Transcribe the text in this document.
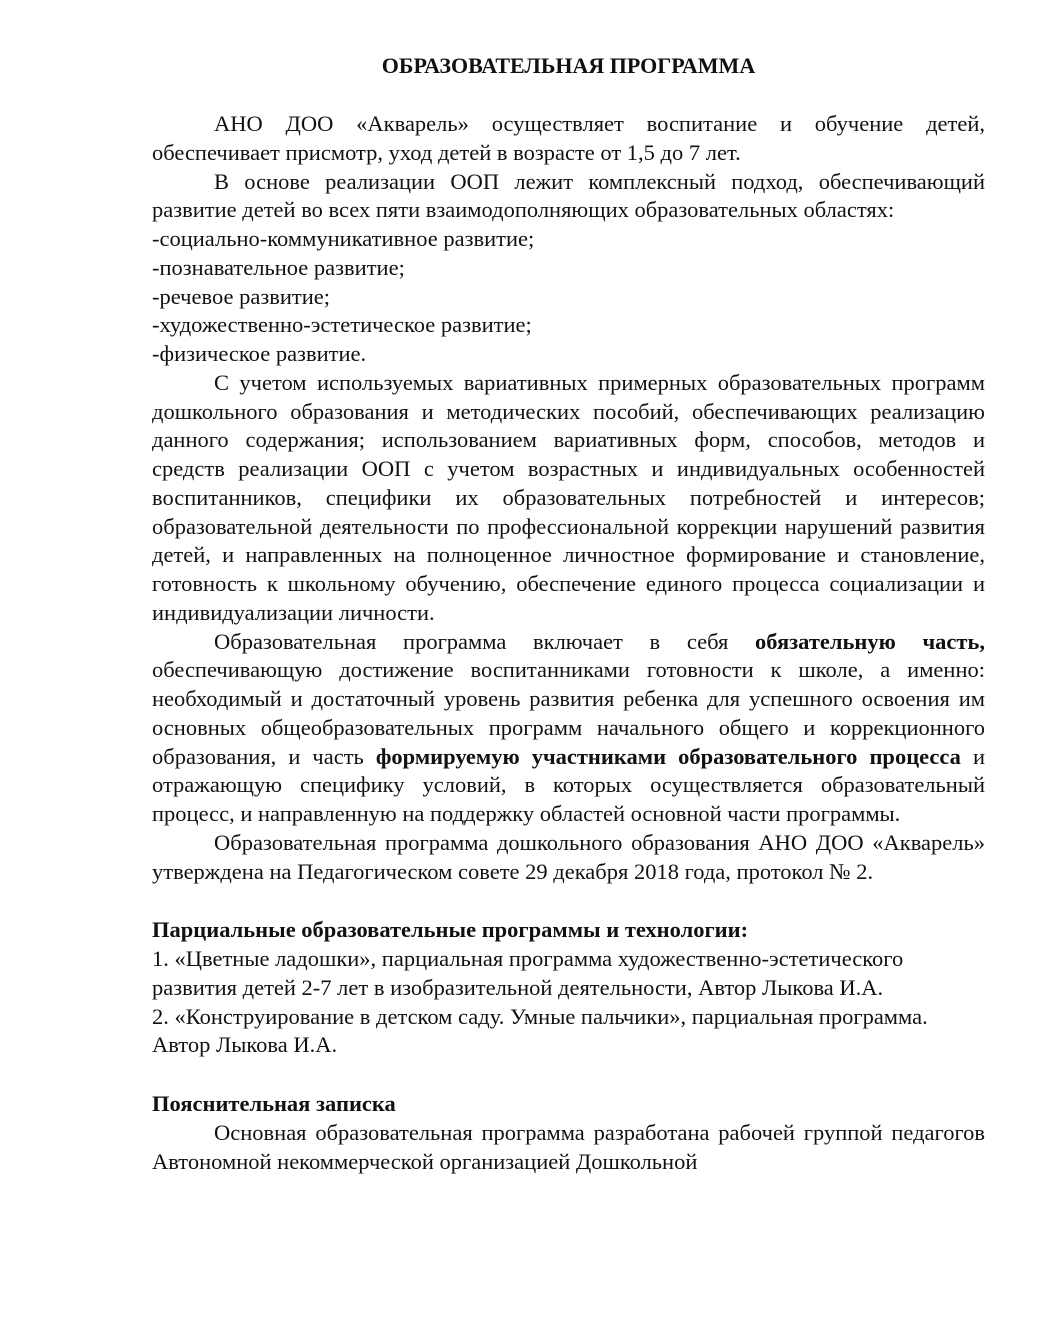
ОБРАЗОВАТЕЛЬНАЯ ПРОГРАММА

АНО ДОО «Акварель» осуществляет воспитание и обучение детей, обеспечивает присмотр, уход детей в возрасте от 1,5 до 7 лет.

В основе реализации ООП лежит комплексный подход, обеспечивающий развитие детей во всех пяти взаимодополняющих образовательных областях:

-социально-коммуникативное развитие;

-познавательное развитие;

-речевое развитие;

-художественно-эстетическое развитие;

-физическое развитие.

С учетом используемых вариативных примерных образовательных программ дошкольного образования и методических пособий, обеспечивающих реализацию данного содержания; использованием вариативных форм, способов, методов и средств реализации ООП с учетом возрастных и индивидуальных особенностей воспитанников, специфики их образовательных потребностей и интересов; образовательной деятельности по профессиональной коррекции нарушений развития детей, и направленных на полноценное личностное формирование и становление, готовность к школьному обучению, обеспечение единого процесса социализации и индивидуализации личности.

Образовательная программа включает в себя обязательную часть, обеспечивающую достижение воспитанниками готовности к школе, а именно: необходимый и достаточный уровень развития ребенка для успешного освоения им основных общеобразовательных программ начального общего и коррекционного образования, и часть формируемую участниками образовательного процесса и отражающую специфику условий, в которых осуществляется образовательный процесс, и направленную на поддержку областей основной части программы.

Образовательная программа дошкольного образования АНО ДОО «Акварель» утверждена на Педагогическом совете 29 декабря 2018 года, протокол № 2.

Парциальные образовательные программы и технологии:

1. «Цветные ладошки», парциальная программа художественно-эстетического развития детей 2-7 лет в изобразительной деятельности, Автор Лыкова И.А.

2. «Конструирование в детском саду. Умные пальчики», парциальная программа. Автор Лыкова И.А.

Пояснительная записка

Основная образовательная программа разработана рабочей группой педагогов Автономной некоммерческой организацией Дошкольной
